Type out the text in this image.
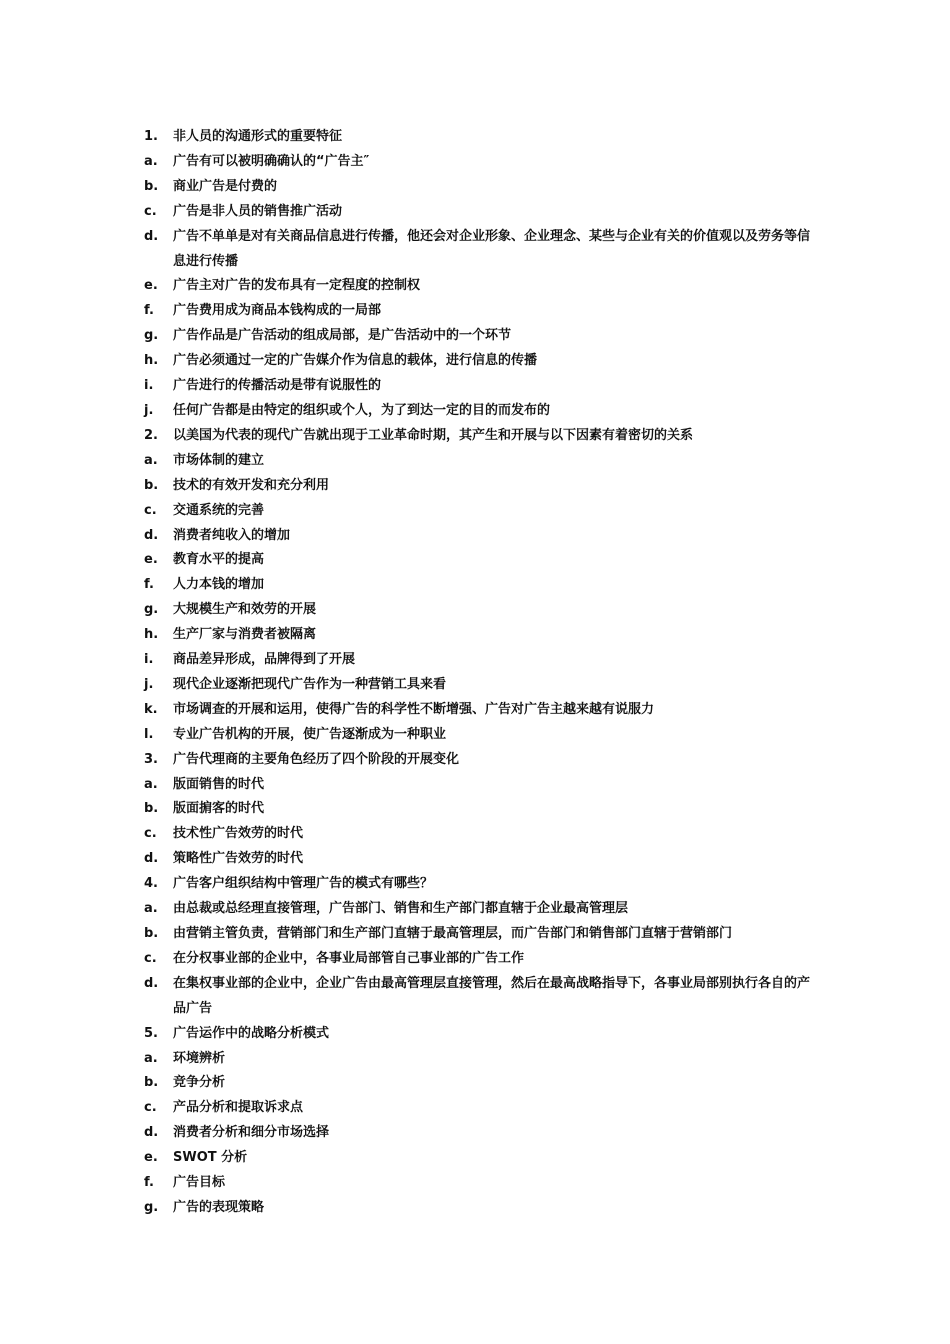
1.	非人员的沟通形式的重要特征
a.	广告有可以被明确确认的“广告主″
b.	商业广告是付费的
c.	广告是非人员的销售推广活动
d.	广告不单单是对有关商品信息进行传播，他还会对企业形象、企业理念、某些与企业有关的价值观以及劳务等信息进行传播
e.	广告主对广告的发布具有一定程度的控制权
f.	广告费用成为商品本钱构成的一局部
g.	广告作品是广告活动的组成局部，是广告活动中的一个环节
h.	广告必须通过一定的广告媒介作为信息的载体，进行信息的传播
i.	广告进行的传播活动是带有说服性的
j.	任何广告都是由特定的组织或个人，为了到达一定的目的而发布的
2.	以美国为代表的现代广告就出现于工业革命时期，其产生和开展与以下因素有着密切的关系
a.	市场体制的建立
b.	技术的有效开发和充分利用
c.	交通系统的完善
d.	消费者纯收入的增加
e.	教育水平的提高
f.	人力本钱的增加
g.	大规模生产和效劳的开展
h.	生产厂家与消费者被隔离
i.	商品差异形成，品牌得到了开展
j.	现代企业逐渐把现代广告作为一种营销工具来看
k.	市场调查的开展和运用，使得广告的科学性不断增强、广告对广告主越来越有说服力
l.	专业广告机构的开展，使广告逐渐成为一种职业
3.	广告代理商的主要角色经历了四个阶段的开展变化
a.	版面销售的时代
b.	版面掮客的时代
c.	技术性广告效劳的时代
d.	策略性广告效劳的时代
4.	广告客户组织结构中管理广告的模式有哪些？
a.	由总裁或总经理直接管理，广告部门、销售和生产部门都直辖于企业最高管理层
b.	由营销主管负责，营销部门和生产部门直辖于最高管理层，而广告部门和销售部门直辖于营销部门
c.	在分权事业部的企业中，各事业局部管自己事业部的广告工作
d.	在集权事业部的企业中，企业广告由最高管理层直接管理，然后在最高战略指导下，各事业局部别执行各自的产品广告
5.	广告运作中的战略分析模式
a.	环境辨析
b.	竞争分析
c.	产品分析和提取诉求点
d.	消费者分析和细分市场选择
e.	SWOT 分析
f.	广告目标
g.	广告的表现策略
